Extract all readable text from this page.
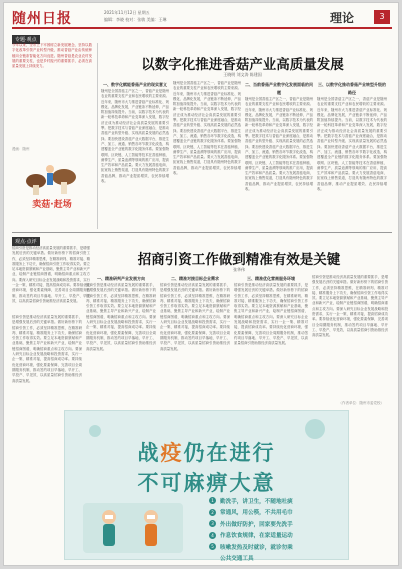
随州日报	2021年11月12日 星期五
编辑：李晓 校对：张敏 美编：王琳	理论	3
专题·观点
今年以来，全市上下牢固树立新发展理念，坚持以数字化改革引领产业转型升级，推动香菇产业由传统种植向全链条智能化方向迈进。随州香菇是农业农村发展的重要支柱，也是乡村振兴的重要抓手，必须在高质量发展上持续发力。
漫画：随州
卖菇·赶场
以数字化推进香菇产业高质量发展
王晓明 刘文涛 陈建国
一、数字化赋能香菇产业的现实意义
随州是全国香菇主产区之一，香菇产业是随州农业的重要支柱产业和农民增收的主要来源。近年来，随州市大力推进香菇产业标准化、规模化、品牌化发展，产业链条不断延伸，产品附加值持续提升。当前，以数字技术为代表的新一轮科技革命和产业变革深入发展，数字经济正成为推动经济社会高质量发展的重要引擎。把数字技术与香菇产业深度融合，是推动香菇产业转型升级、实现高质量发展的必然选择。要加快建设香菇产业大数据平台，推进生产、加工、流通、销售各环节数字化改造，构建覆盖全产业链的数字化服务体系。要加强物联网、区块链、人工智能等技术在香菇种植、菌棒生产、质量追溯等领域的推广应用，提高生产效率和产品质量。要大力发展香菇电商，拓宽线上销售渠道，打造具有随州特色的数字香菇品牌，推动产业提质增效、农民持续增收。
随州是全国香菇主产区之一，香菇产业是随州农业的重要支柱产业和农民增收的主要来源。近年来，随州市大力推进香菇产业标准化、规模化、品牌化发展，产业链条不断延伸，产品附加值持续提升。当前，以数字技术为代表的新一轮科技革命和产业变革深入发展，数字经济正成为推动经济社会高质量发展的重要引擎。把数字技术与香菇产业深度融合，是推动香菇产业转型升级、实现高质量发展的必然选择。要加快建设香菇产业大数据平台，推进生产、加工、流通、销售各环节数字化改造，构建覆盖全产业链的数字化服务体系。要加强物联网、区块链、人工智能等技术在香菇种植、菌棒生产、质量追溯等领域的推广应用，提高生产效率和产品质量。要大力发展香菇电商，拓宽线上销售渠道，打造具有随州特色的数字香菇品牌，推动产业提质增效、农民持续增收。
二、当前香菇产业数字化发展面临的问题
随州是全国香菇主产区之一，香菇产业是随州农业的重要支柱产业和农民增收的主要来源。近年来，随州市大力推进香菇产业标准化、规模化、品牌化发展，产业链条不断延伸，产品附加值持续提升。当前，以数字技术为代表的新一轮科技革命和产业变革深入发展，数字经济正成为推动经济社会高质量发展的重要引擎。把数字技术与香菇产业深度融合，是推动香菇产业转型升级、实现高质量发展的必然选择。要加快建设香菇产业大数据平台，推进生产、加工、流通、销售各环节数字化改造，构建覆盖全产业链的数字化服务体系。要加强物联网、区块链、人工智能等技术在香菇种植、菌棒生产、质量追溯等领域的推广应用，提高生产效率和产品质量。要大力发展香菇电商，拓宽线上销售渠道，打造具有随州特色的数字香菇品牌，推动产业提质增效、农民持续增收。
三、以数字化推动香菇产业转型升级的路径
随州是全国香菇主产区之一，香菇产业是随州农业的重要支柱产业和农民增收的主要来源。近年来，随州市大力推进香菇产业标准化、规模化、品牌化发展，产业链条不断延伸，产品附加值持续提升。当前，以数字技术为代表的新一轮科技革命和产业变革深入发展，数字经济正成为推动经济社会高质量发展的重要引擎。把数字技术与香菇产业深度融合，是推动香菇产业转型升级、实现高质量发展的必然选择。要加快建设香菇产业大数据平台，推进生产、加工、流通、销售各环节数字化改造，构建覆盖全产业链的数字化服务体系。要加强物联网、区块链、人工智能等技术在香菇种植、菌棒生产、质量追溯等领域的推广应用，提高生产效率和产品质量。要大力发展香菇电商，拓宽线上销售渠道，打造具有随州特色的数字香菇品牌，推动产业提质增效、农民持续增收。
观点·点评
招商引资是推动经济高质量发展的重要抓手，是增强发展后劲的关键举措。做好新形势下的招商引资工作，必须坚持精准思维，在精准研判、精准对接、精准服务上下功夫，确保招商引资工作取得实效。要立足本地资源禀赋和产业基础，聚焦主导产业和新兴产业，绘制产业链招商图谱，明确招商重点和主攻方向。要深入研究目标企业发展战略和投资需求，实行一企一策、精准对接，提高招商成功率。要持续优化营商环境，强化要素保障，完善项目全周期服务机制，推动签约项目早落地、早开工、早投产、早见效，以高质量招商引资助推经济高质量发展。
招商引资工作做到精准有效是关键
张华伟
招商引资是推动经济高质量发展的重要抓手，是增强发展后劲的关键举措。做好新形势下的招商引资工作，必须坚持精准思维，在精准研判、精准对接、精准服务上下功夫，确保招商引资工作取得实效。要立足本地资源禀赋和产业基础，聚焦主导产业和新兴产业，绘制产业链招商图谱，明确招商重点和主攻方向。要深入研究目标企业发展战略和投资需求，实行一企一策、精准对接，提高招商成功率。要持续优化营商环境，强化要素保障，完善项目全周期服务机制，推动签约项目早落地、早开工、早投产、早见效，以高质量招商引资助推经济高质量发展。
一、精准研判产业发展方向
招商引资是推动经济高质量发展的重要抓手，是增强发展后劲的关键举措。做好新形势下的招商引资工作，必须坚持精准思维，在精准研判、精准对接、精准服务上下功夫，确保招商引资工作取得实效。要立足本地资源禀赋和产业基础，聚焦主导产业和新兴产业，绘制产业链招商图谱，明确招商重点和主攻方向。要深入研究目标企业发展战略和投资需求，实行一企一策、精准对接，提高招商成功率。要持续优化营商环境，强化要素保障，完善项目全周期服务机制，推动签约项目早落地、早开工、早投产、早见效，以高质量招商引资助推经济高质量发展。
二、精准对接目标企业需求
招商引资是推动经济高质量发展的重要抓手，是增强发展后劲的关键举措。做好新形势下的招商引资工作，必须坚持精准思维，在精准研判、精准对接、精准服务上下功夫，确保招商引资工作取得实效。要立足本地资源禀赋和产业基础，聚焦主导产业和新兴产业，绘制产业链招商图谱，明确招商重点和主攻方向。要深入研究目标企业发展战略和投资需求，实行一企一策、精准对接，提高招商成功率。要持续优化营商环境，强化要素保障，完善项目全周期服务机制，推动签约项目早落地、早开工、早投产、早见效，以高质量招商引资助推经济高质量发展。
三、精准优化营商服务环境
招商引资是推动经济高质量发展的重要抓手，是增强发展后劲的关键举措。做好新形势下的招商引资工作，必须坚持精准思维，在精准研判、精准对接、精准服务上下功夫，确保招商引资工作取得实效。要立足本地资源禀赋和产业基础，聚焦主导产业和新兴产业，绘制产业链招商图谱，明确招商重点和主攻方向。要深入研究目标企业发展战略和投资需求，实行一企一策、精准对接，提高招商成功率。要持续优化营商环境，强化要素保障，完善项目全周期服务机制，推动签约项目早落地、早开工、早投产、早见效，以高质量招商引资助推经济高质量发展。
招商引资是推动经济高质量发展的重要抓手，是增强发展后劲的关键举措。做好新形势下的招商引资工作，必须坚持精准思维，在精准研判、精准对接、精准服务上下功夫，确保招商引资工作取得实效。要立足本地资源禀赋和产业基础，聚焦主导产业和新兴产业，绘制产业链招商图谱，明确招商重点和主攻方向。要深入研究目标企业发展战略和投资需求，实行一企一策、精准对接，提高招商成功率。要持续优化营商环境，强化要素保障，完善项目全周期服务机制，推动签约项目早落地、早开工、早投产、早见效，以高质量招商引资助推经济高质量发展。
（作者单位：随州市委党校）
战疫仍在进行
不可麻痹大意
1	勤洗手，讲卫生，不随地吐痰
2	常通风，用公筷，不共用毛巾
3	外出做好防护，回家要先洗手
4	作息饮食规律，在家适量运动
5	咳嗽发热及时就诊，就诊勿乘
公共交通工具
